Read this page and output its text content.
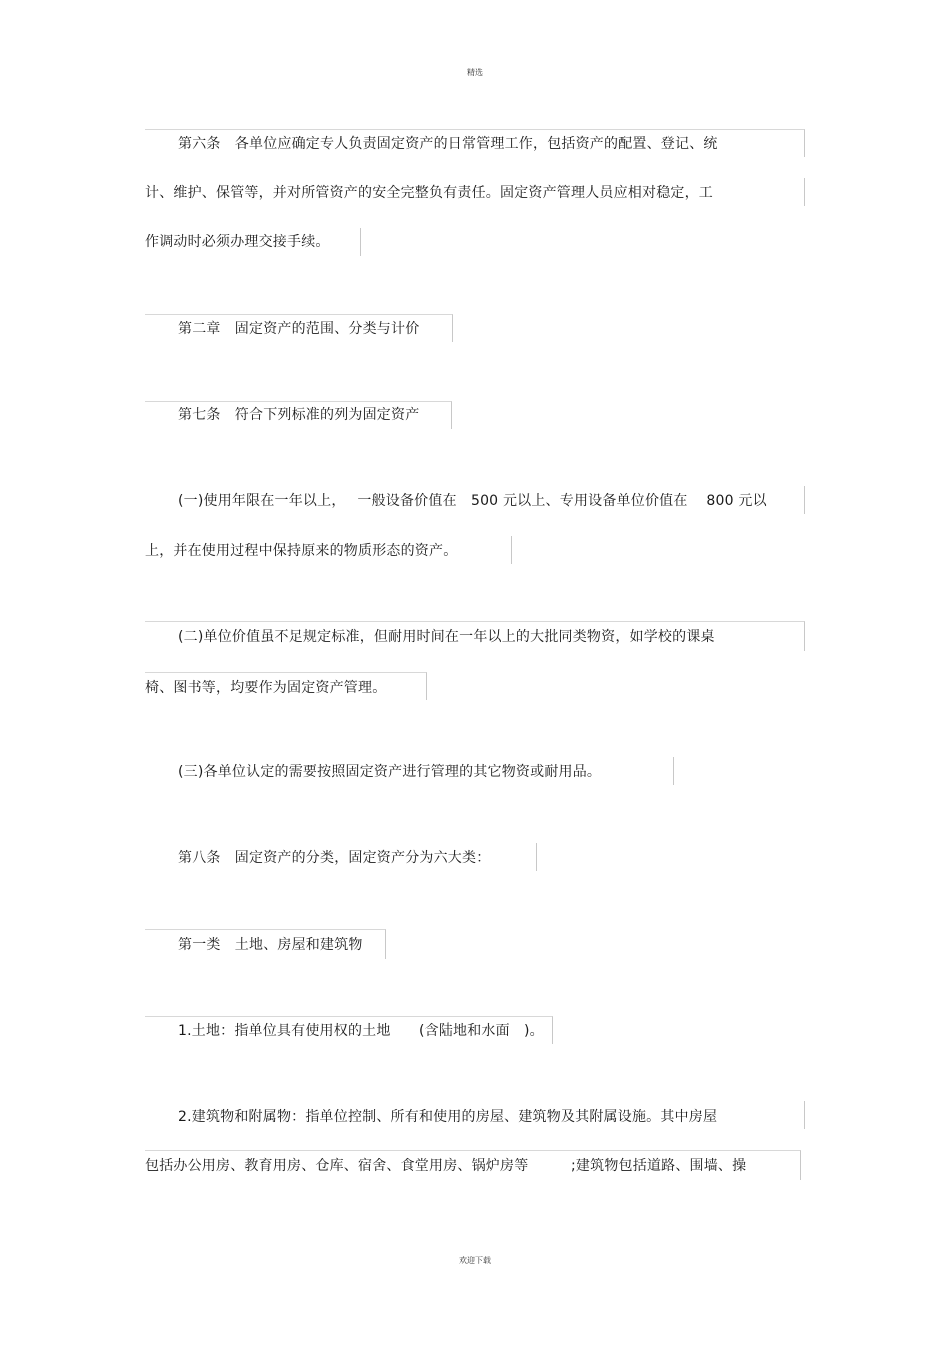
精选
第六条　各单位应确定专人负责固定资产的日常管理工作，包括资产的配置、登记、统
计、维护、保管等，并对所管资产的安全完整负有责任。固定资产管理人员应相对稳定，工
作调动时必须办理交接手续。
第二章　固定资产的范围、分类与计价
第七条　符合下列标准的列为固定资产
(一)使用年限在一年以上，　 一般设备价值在　500 元以上、专用设备单位价值在　 800 元以
上，并在使用过程中保持原来的物质形态的资产。
(二)单位价值虽不足规定标准，但耐用时间在一年以上的大批同类物资，如学校的课桌
椅、图书等，均要作为固定资产管理。
(三)各单位认定的需要按照固定资产进行管理的其它物资或耐用品。
第八条　固定资产的分类，固定资产分为六大类：
第一类　土地、房屋和建筑物
1.土地：指单位具有使用权的土地　　(含陆地和水面　)。
2.建筑物和附属物：指单位控制、所有和使用的房屋、建筑物及其附属设施。其中房屋
包括办公用房、教育用房、仓库、宿舍、食堂用房、锅炉房等　　　;建筑物包括道路、围墙、操
欢迎下载
